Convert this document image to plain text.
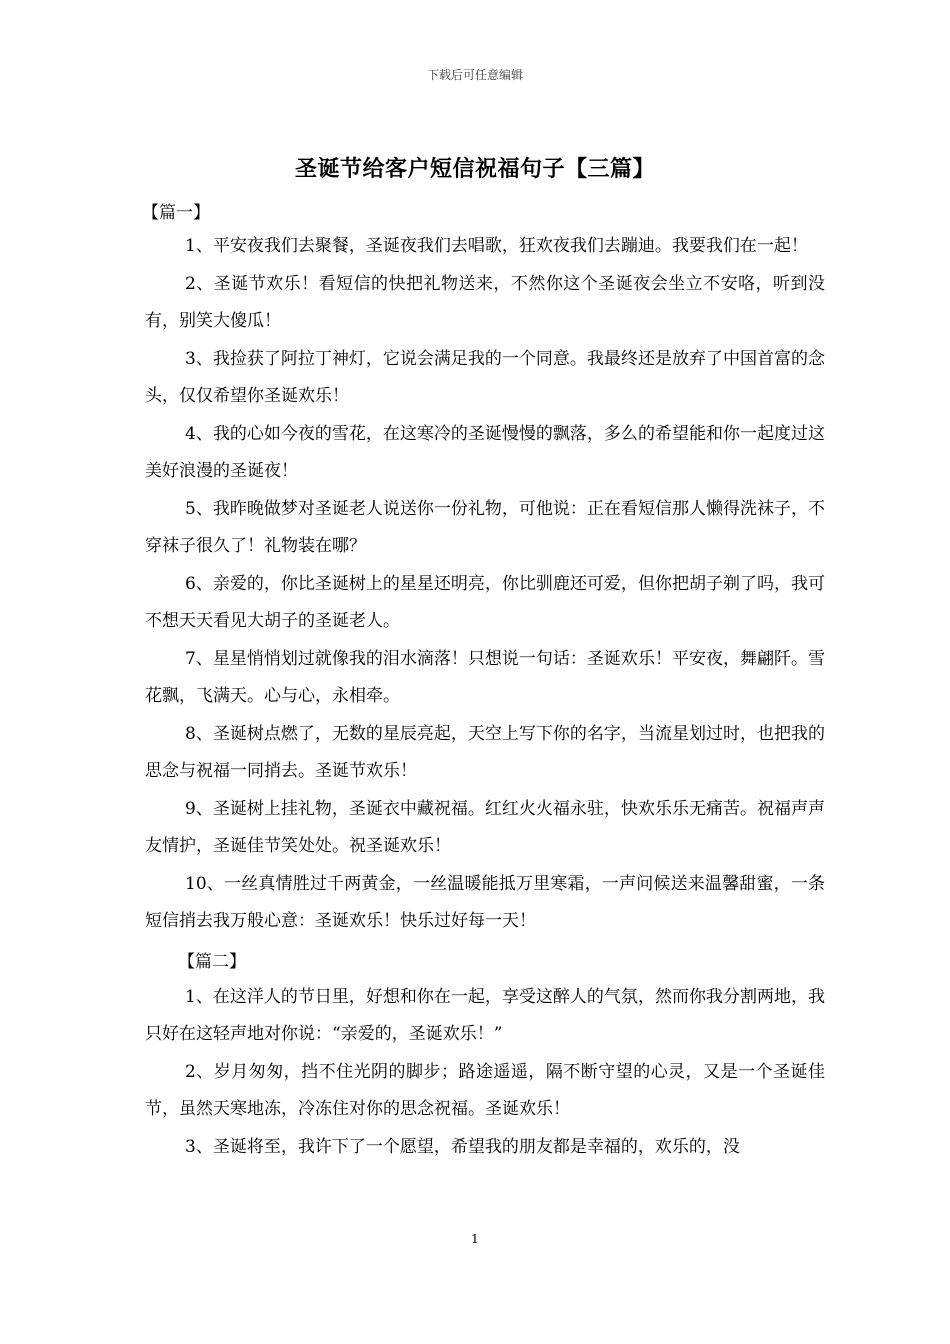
下载后可任意编辑
圣诞节给客户短信祝福句子【三篇】
【篇一】

1、平安夜我们去聚餐，圣诞夜我们去唱歌，狂欢夜我们去蹦迪。我要我们在一起！

2、圣诞节欢乐！看短信的快把礼物送来，不然你这个圣诞夜会坐立不安咯，听到没有，别笑大傻瓜！

3、我捡获了阿拉丁神灯，它说会满足我的一个同意。我最终还是放弃了中国首富的念头，仅仅希望你圣诞欢乐！

4、我的心如今夜的雪花，在这寒冷的圣诞慢慢的飘落，多么的希望能和你一起度过这美好浪漫的圣诞夜！

5、我昨晚做梦对圣诞老人说送你一份礼物，可他说：正在看短信那人懒得洗袜子，不穿袜子很久了！礼物装在哪？

6、亲爱的，你比圣诞树上的星星还明亮，你比驯鹿还可爱，但你把胡子剃了吗，我可不想天天看见大胡子的圣诞老人。

7、星星悄悄划过就像我的泪水滴落！只想说一句话：圣诞欢乐！平安夜，舞翩阡。雪花飘，飞满天。心与心，永相牵。

8、圣诞树点燃了，无数的星辰亮起，天空上写下你的名字，当流星划过时，也把我的思念与祝福一同捎去。圣诞节欢乐！

9、圣诞树上挂礼物，圣诞衣中藏祝福。红红火火福永驻，快欢乐乐无痛苦。祝福声声友情护，圣诞佳节笑处处。祝圣诞欢乐！

10、一丝真情胜过千两黄金，一丝温暖能抵万里寒霜，一声问候送来温馨甜蜜，一条短信捎去我万般心意：圣诞欢乐！快乐过好每一天！

【篇二】

1、在这洋人的节日里，好想和你在一起，享受这醉人的气氛，然而你我分割两地，我只好在这轻声地对你说：“亲爱的，圣诞欢乐！”

2、岁月匆匆，挡不住光阴的脚步；路途遥遥，隔不断守望的心灵，又是一个圣诞佳节，虽然天寒地冻，冷冻住对你的思念祝福。圣诞欢乐！

3、圣诞将至，我许下了一个愿望，希望我的朋友都是幸福的，欢乐的，没

1
